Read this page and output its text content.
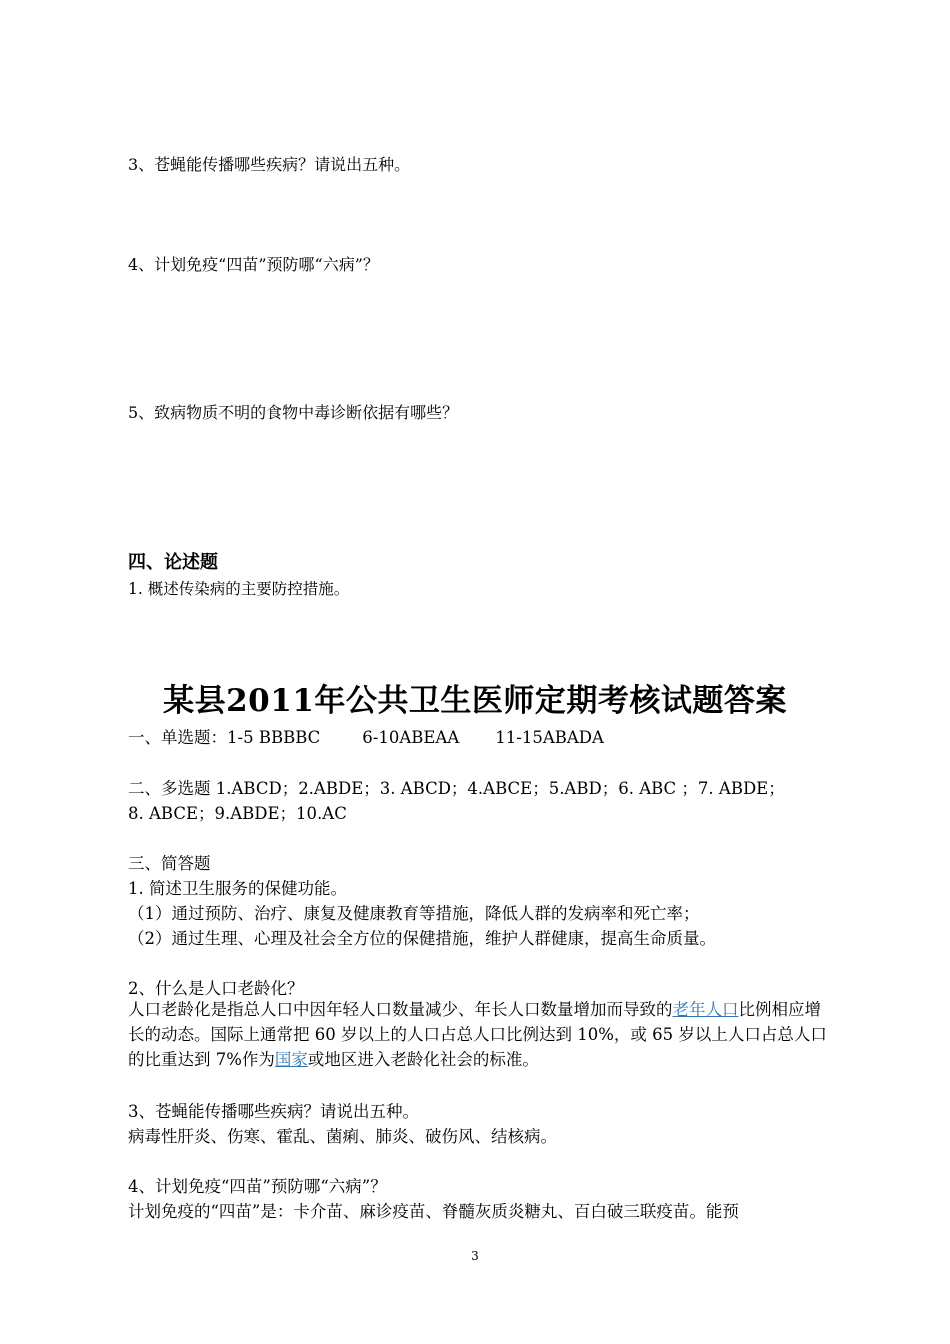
3、苍蝇能传播哪些疾病？请说出五种。
4、计划免疫“四苗”预防哪“六病”？
5、致病物质不明的食物中毒诊断依据有哪些？
四、论述题
1. 概述传染病的主要防控措施。
某县2011年公共卫生医师定期考核试题答案
一、单选题：1-5 BBBBC	6-10ABEAA 11-15ABADA
二、多选题 1.ABCD；2.ABDE；3. ABCD；4.ABCE；5.ABD；6. ABC ；7. ABDE；
8. ABCE；9.ABDE；10.AC
三、简答题
1. 简述卫生服务的保健功能。
（1）通过预防、治疗、康复及健康教育等措施，降低人群的发病率和死亡率；
（2）通过生理、心理及社会全方位的保健措施，维护人群健康，提高生命质量。
2、什么是人口老龄化？
人口老龄化是指总人口中因年轻人口数量减少、年长人口数量增加而导致的老年人口比例相应增长的动态。国际上通常把 60 岁以上的人口占总人口比例达到 10%，或 65 岁以上人口占总人口的比重达到 7%作为国家或地区进入老龄化社会的标准。
3、苍蝇能传播哪些疾病？请说出五种。
病毒性肝炎、伤寒、霍乱、菌痢、肺炎、破伤风、结核病。
4、计划免疫“四苗”预防哪“六病”？
计划免疫的“四苗”是：卡介苗、麻诊疫苗、脊髓灰质炎糖丸、百白破三联疫苗。能预
3
